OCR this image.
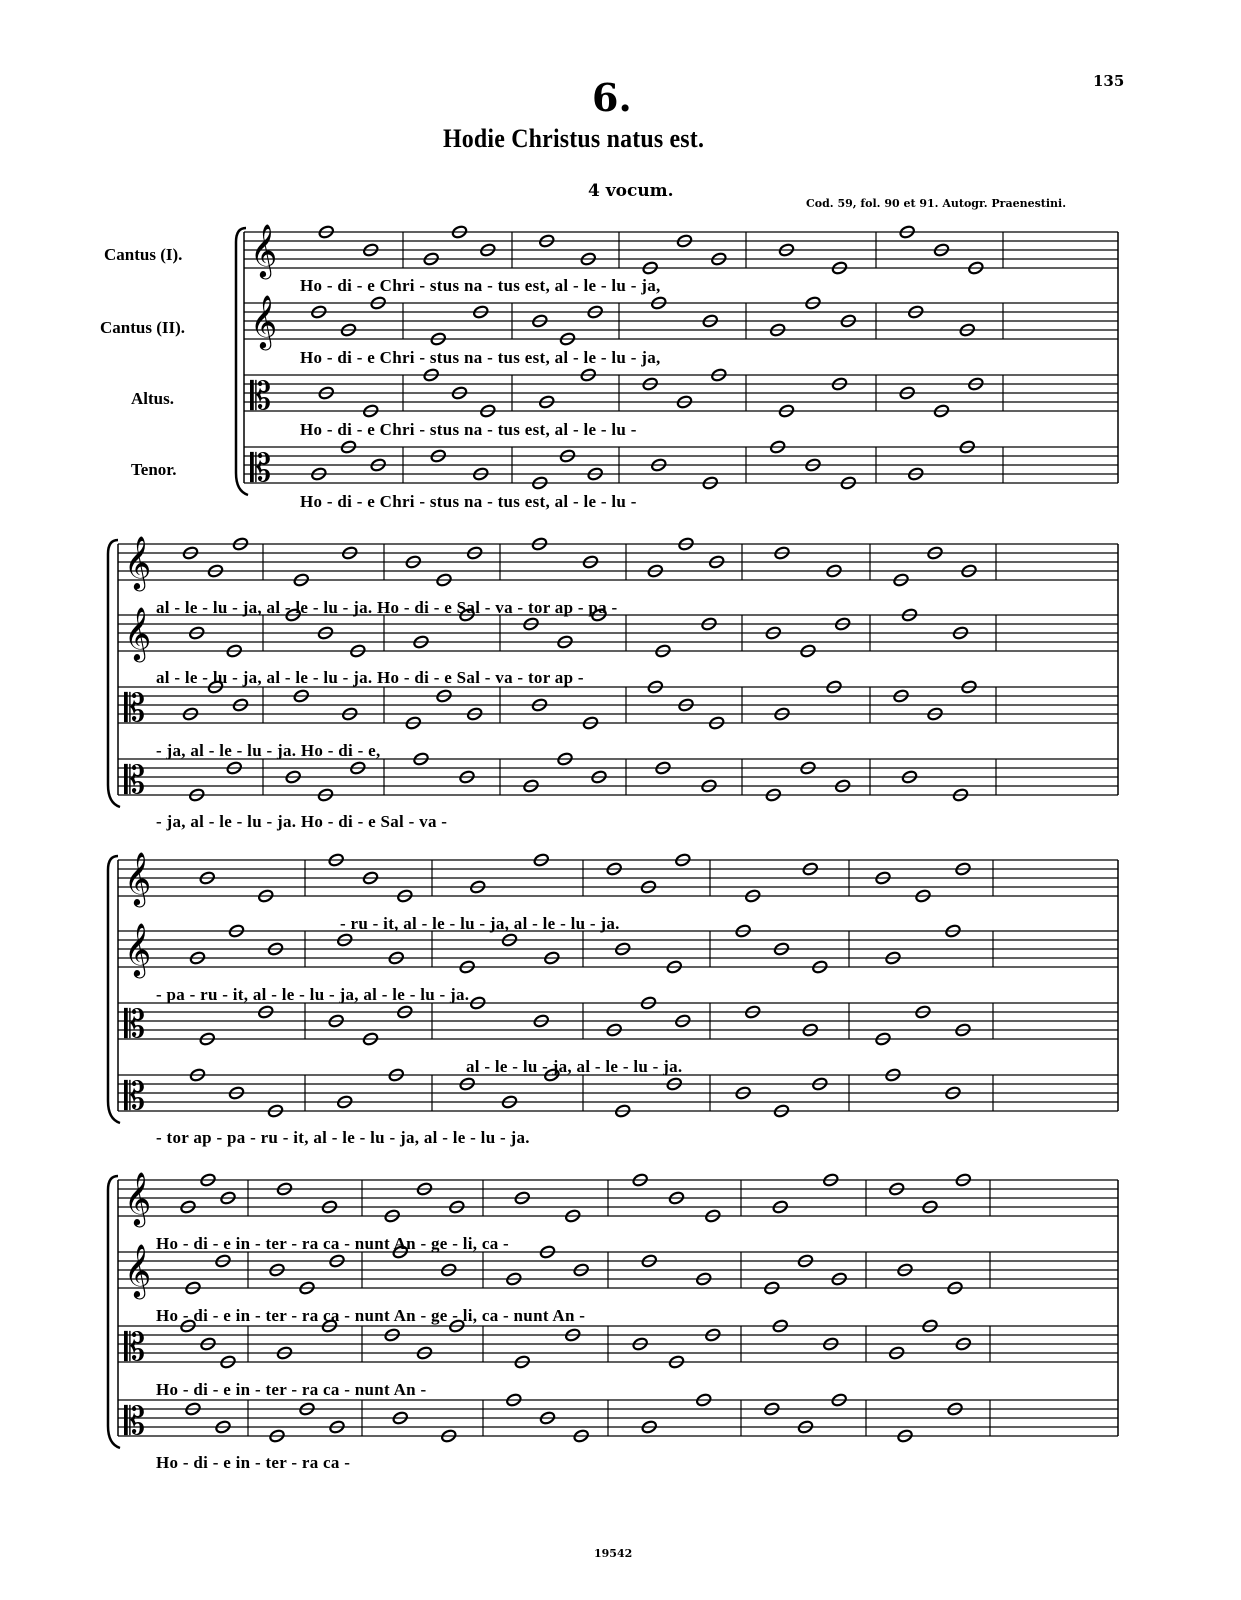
6.
Hodie Christus natus est.
4 vocum.
135
Cod. 59, fol. 90 et 91. Autogr. Praenestini.
Cantus (I).
Cantus (II).
Altus.
Tenor.
𝄞
𝄞
𝄡
𝄡
𝄞
𝄞
𝄡
𝄡
𝄞
𝄞
𝄡
𝄡
𝄞
𝄞
𝄡
𝄡
Ho - di - e Chri - stus na - tus est, al - le - lu - ja,
Ho - di - e Chri - stus na - tus est, al - le - lu - ja,
Ho - di - e Chri - stus na - tus est, al - le - lu -
Ho - di - e Chri - stus na - tus est, al - le - lu -
al - le - lu - ja, al - le - lu - ja. Ho - di - e Sal - va - tor ap - pa -
al - le - lu - ja, al - le - lu - ja. Ho - di - e Sal - va - tor ap -
- ja, al - le - lu - ja. Ho - di - e,
- ja, al - le - lu - ja. Ho - di - e Sal - va -
- ru - it, al - le - lu - ja, al - le - lu - ja.
- pa - ru - it, al - le - lu - ja, al - le - lu - ja.
al - le - lu - ja, al - le - lu - ja.
- tor ap - pa - ru - it, al - le - lu - ja, al - le - lu - ja.
Ho - di - e in - ter - ra ca - nunt An - ge - li, ca -
Ho - di - e in - ter - ra ca - nunt An - ge - li, ca - nunt An -
Ho - di - e in - ter - ra ca - nunt An -
Ho - di - e in - ter - ra ca -
19542
